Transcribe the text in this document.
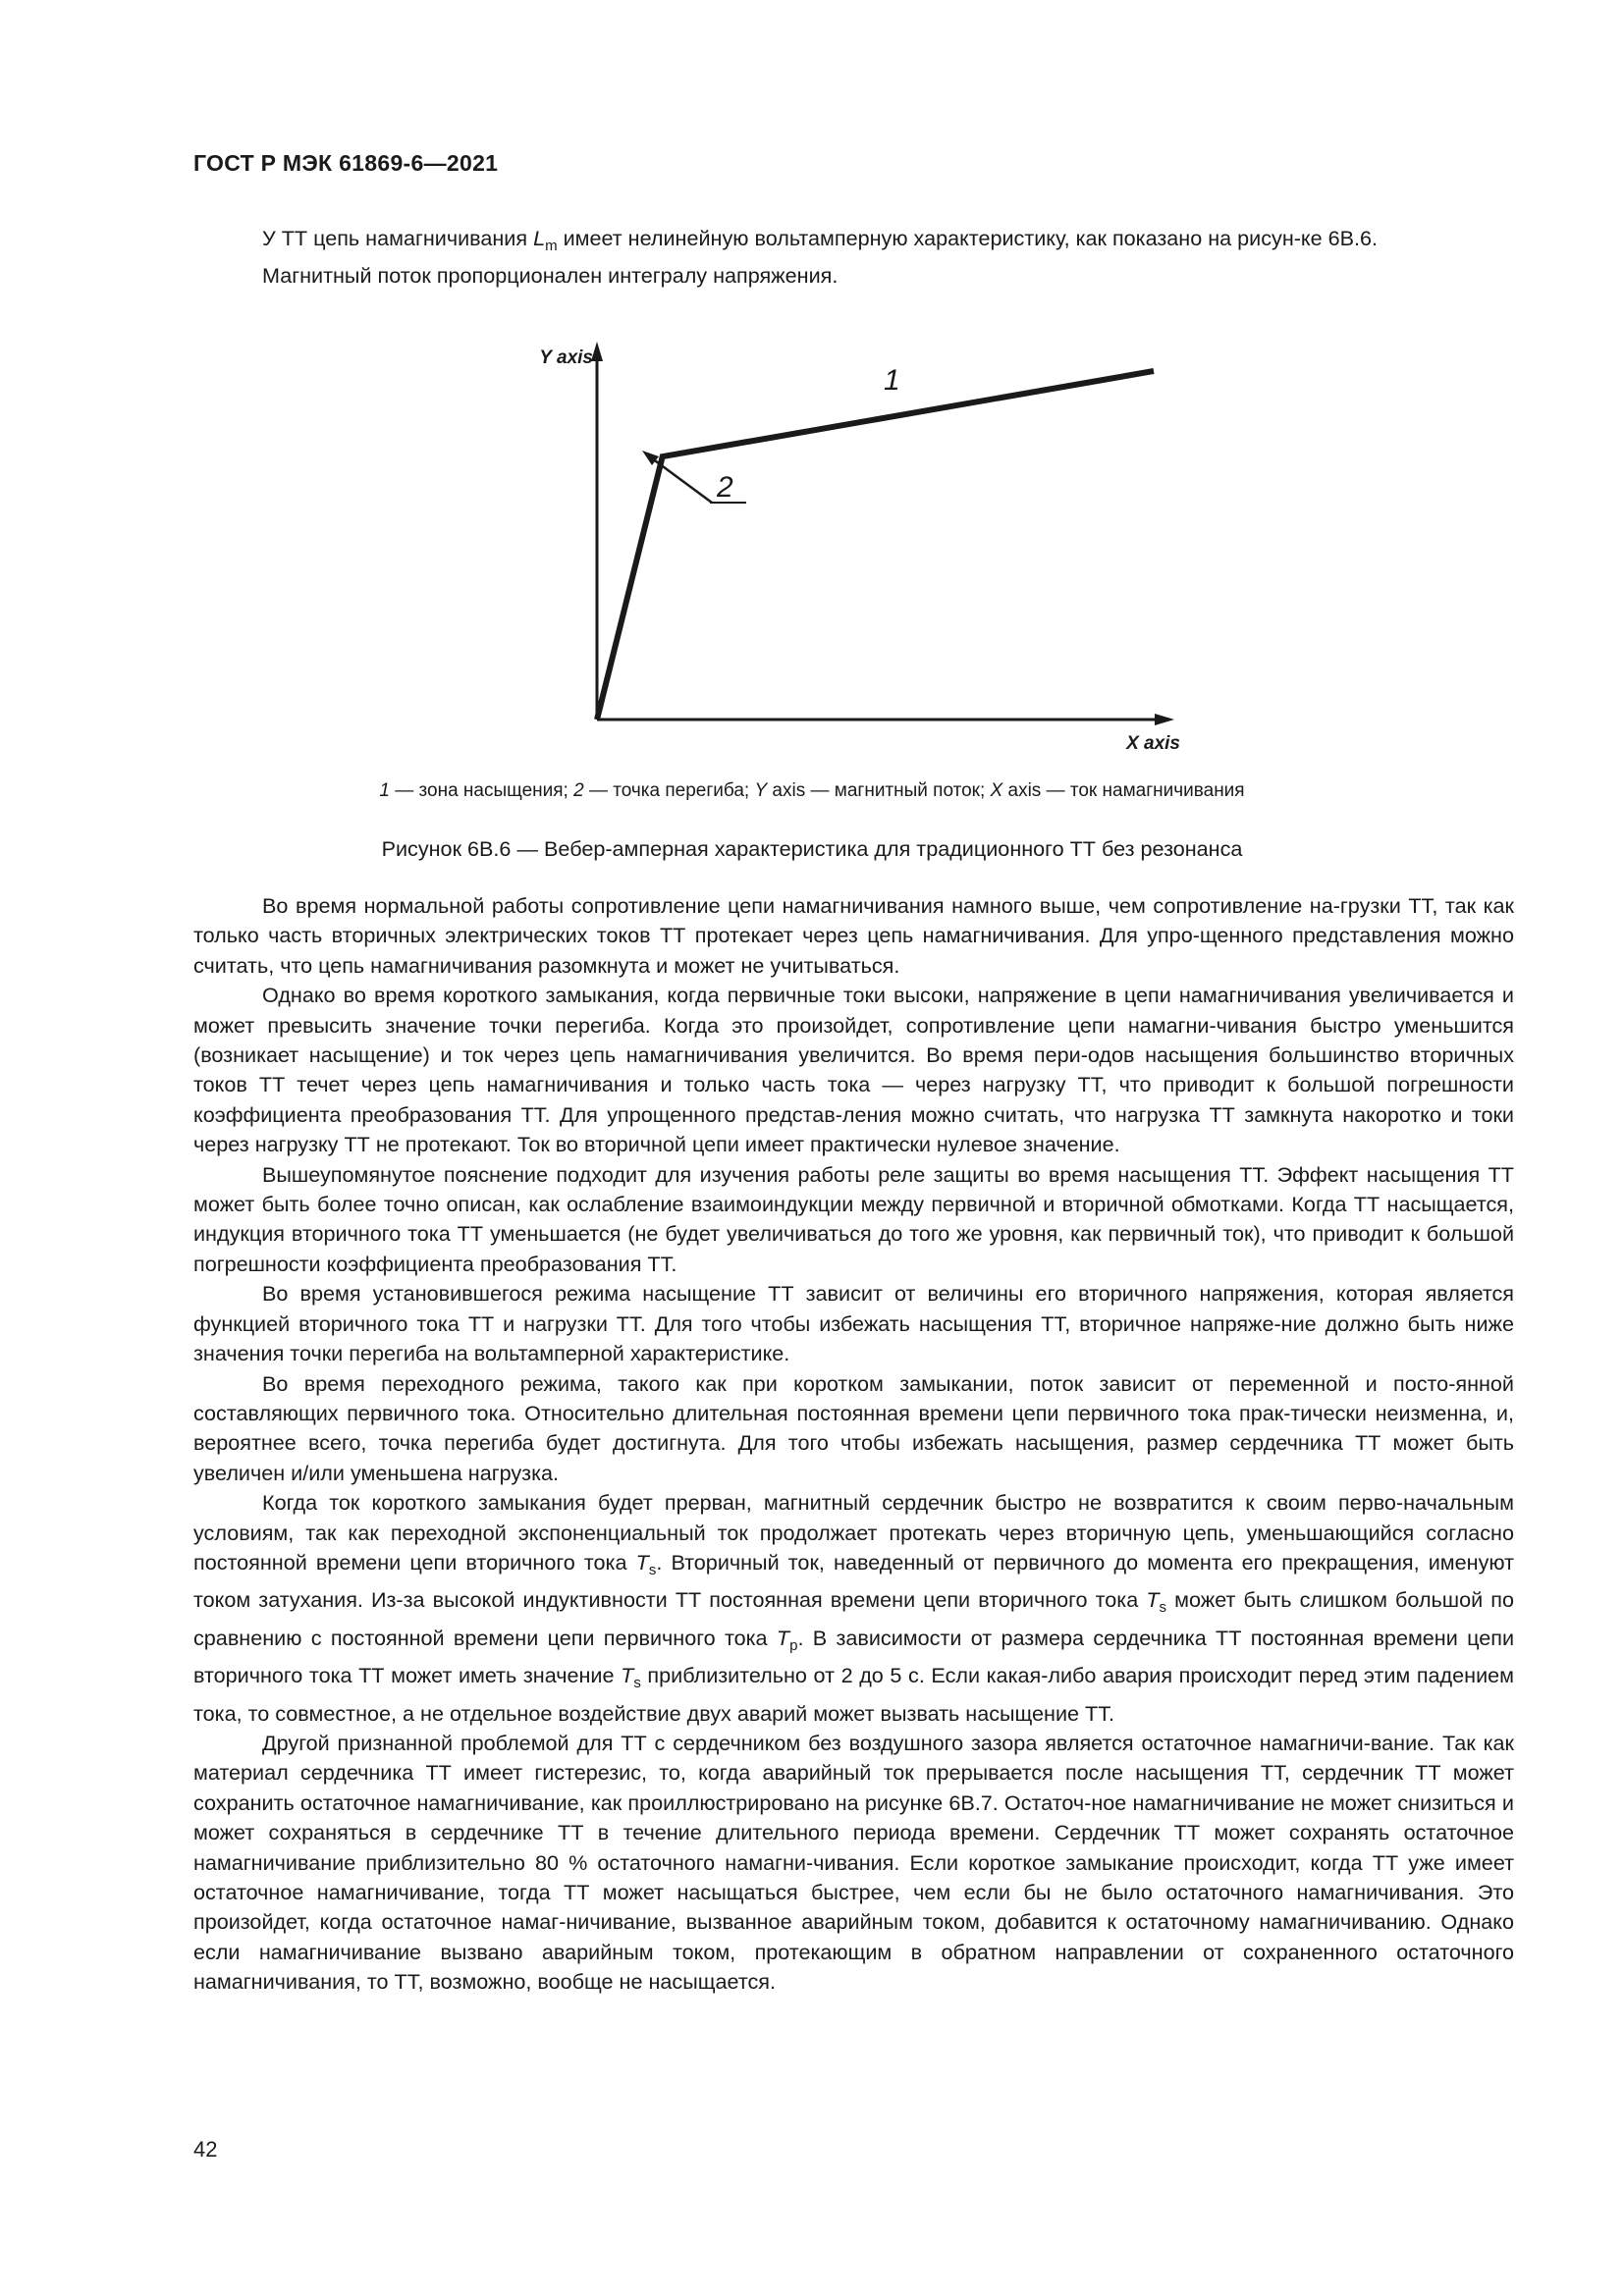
ГОСТ Р МЭК 61869-6—2021

У ТТ цепь намагничивания $L_m$ имеет нелинейную вольтамперную характеристику, как показано на рисун-ке 6B.6.

Магнитный поток пропорционален интегралу напряжения.

Y axis
X axis
1
2
1 — зона насыщения; 2 — точка перегиба; Y axis — магнитный поток; X axis — ток намагничивания
Рисунок 6B.6 — Вебер-амперная характеристика для традиционного ТТ без резонанса

Во время нормальной работы сопротивление цепи намагничивания намного выше, чем сопротивление на-грузки ТТ, так как только часть вторичных электрических токов ТТ протекает через цепь намагничивания. Для упро-щенного представления можно считать, что цепь намагничивания разомкнута и может не учитываться.

Однако во время короткого замыкания, когда первичные токи высоки, напряжение в цепи намагничивания увеличивается и может превысить значение точки перегиба. Когда это произойдет, сопротивление цепи намагни-чивания быстро уменьшится (возникает насыщение) и ток через цепь намагничивания увеличится. Во время пери-одов насыщения большинство вторичных токов ТТ течет через цепь намагничивания и только часть тока — через нагрузку ТТ, что приводит к большой погрешности коэффициента преобразования ТТ. Для упрощенного представ-ления можно считать, что нагрузка ТТ замкнута накоротко и токи через нагрузку ТТ не протекают. Ток во вторичной цепи имеет практически нулевое значение.

Вышеупомянутое пояснение подходит для изучения работы реле защиты во время насыщения ТТ. Эффект насыщения ТТ может быть более точно описан, как ослабление взаимоиндукции между первичной и вторичной обмотками. Когда ТТ насыщается, индукция вторичного тока ТТ уменьшается (не будет увеличиваться до того же уровня, как первичный ток), что приводит к большой погрешности коэффициента преобразования ТТ.

Во время установившегося режима насыщение ТТ зависит от величины его вторичного напряжения, которая является функцией вторичного тока ТТ и нагрузки ТТ. Для того чтобы избежать насыщения ТТ, вторичное напряже-ние должно быть ниже значения точки перегиба на вольтамперной характеристике.

Во время переходного режима, такого как при коротком замыкании, поток зависит от переменной и посто-янной составляющих первичного тока. Относительно длительная постоянная времени цепи первичного тока прак-тически неизменна, и, вероятнее всего, точка перегиба будет достигнута. Для того чтобы избежать насыщения, размер сердечника ТТ может быть увеличен и/или уменьшена нагрузка.

Когда ток короткого замыкания будет прерван, магнитный сердечник быстро не возвратится к своим перво-начальным условиям, так как переходной экспоненциальный ток продолжает протекать через вторичную цепь, уменьшающийся согласно постоянной времени цепи вторичного тока $T_s$. Вторичный ток, наведенный от первичного до момента его прекращения, именуют током затухания. Из-за высокой индуктивности ТТ постоянная времени цепи вторичного тока $T_s$ может быть слишком большой по сравнению с постоянной времени цепи первичного тока $T_p$. В зависимости от размера сердечника ТТ постоянная времени цепи вторичного тока ТТ может иметь значение $T_s$ приблизительно от 2 до 5 с. Если какая-либо авария происходит перед этим падением тока, то совместное, а не отдельное воздействие двух аварий может вызвать насыщение ТТ.

Другой признанной проблемой для ТТ с сердечником без воздушного зазора является остаточное намагничи-вание. Так как материал сердечника ТТ имеет гистерезис, то, когда аварийный ток прерывается после насыщения ТТ, сердечник ТТ может сохранить остаточное намагничивание, как проиллюстрировано на рисунке 6B.7. Остаточ-ное намагничивание не может снизиться и может сохраняться в сердечнике ТТ в течение длительного периода времени. Сердечник ТТ может сохранять остаточное намагничивание приблизительно 80 % остаточного намагни-чивания. Если короткое замыкание происходит, когда ТТ уже имеет остаточное намагничивание, тогда ТТ может насыщаться быстрее, чем если бы не было остаточного намагничивания. Это произойдет, когда остаточное намаг-ничивание, вызванное аварийным током, добавится к остаточному намагничиванию. Однако если намагничивание вызвано аварийным током, протекающим в обратном направлении от сохраненного остаточного намагничивания, то ТТ, возможно, вообще не насыщается.

42
